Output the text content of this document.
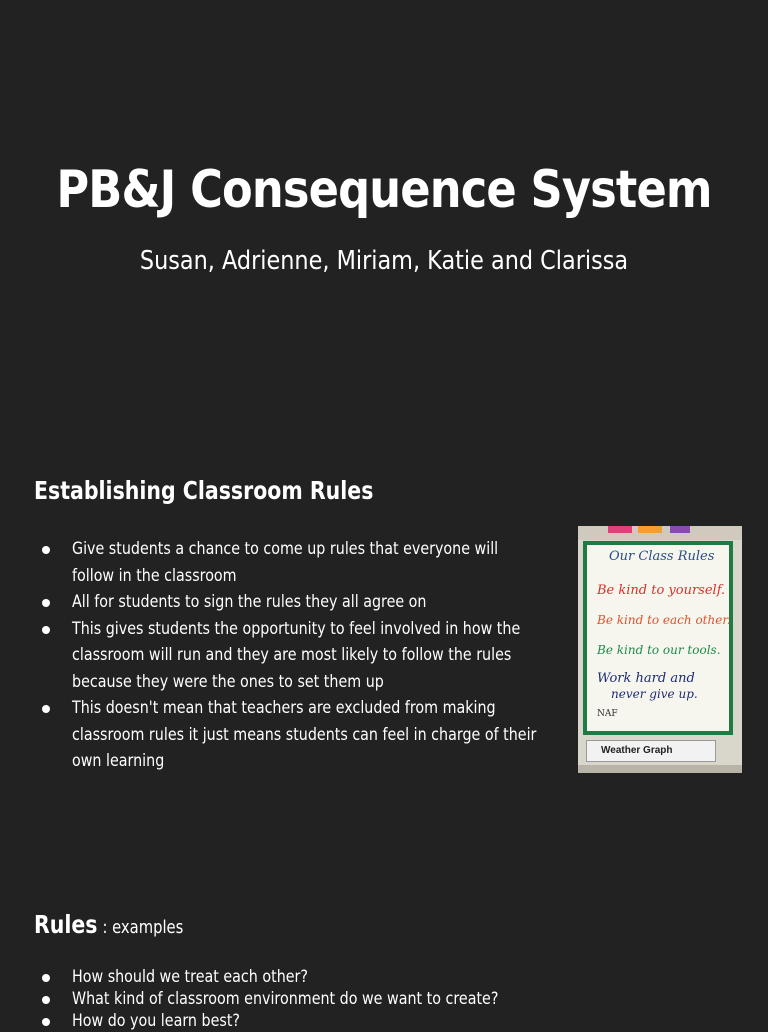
PB&J Consequence System

Susan, Adrienne, Miriam, Katie and Clarissa

Establishing Classroom Rules
Give students a chance to come up rules that everyone will follow in the classroom
All for students to sign the rules they all agree on
This gives students the opportunity to feel involved in how the classroom will run and they are most likely to follow the rules because they were the ones to set them up
This doesn't mean that teachers are excluded from making classroom rules it just means students can feel in charge of their own learning
Our Class Rules
Be kind to yourself.
Be kind to each other.
Be kind to our tools.
Work hard and
never give up.
NAF
Weather Graph
Rules : examples
How should we treat each other?
What kind of classroom environment do we want to create?
How do you learn best?
